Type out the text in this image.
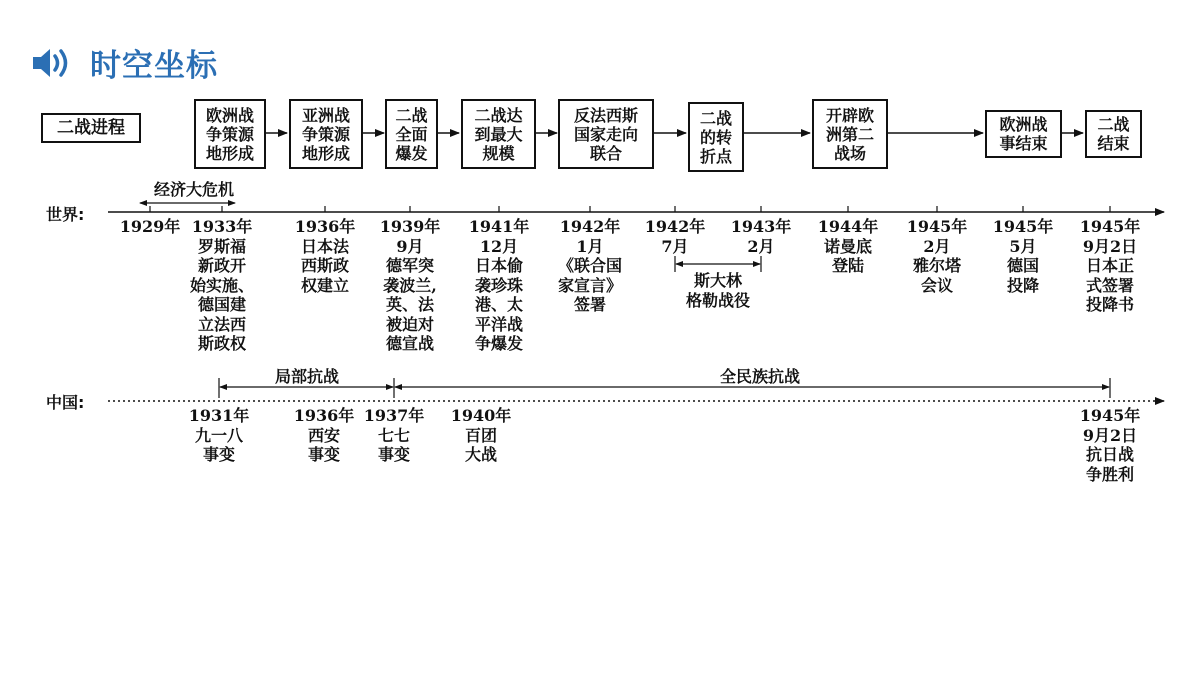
时空坐标
二战进程
欧洲战
争策源
地形成
亚洲战
争策源
地形成
二战
全面
爆发
二战达
到最大
规模
反法西斯
国家走向
联合
二战
的转
折点
开辟欧
洲第二
战场
欧洲战
事结束
二战
结束
世界:
经济大危机
1929年 1933年
罗斯福
新政开
始实施、
德国建
立法西
斯政权
1936年
日本法
西斯政
权建立
1939年
9月
德军突
袭波兰,
英、法
被迫对
德宣战
1941年
12月
日本偷
袭珍珠
港、太
平洋战
争爆发
1942年
1月
《联合国
家宣言》
签署
1942年
7月
1943年
2月
1944年
诺曼底
登陆
1945年
2月
雅尔塔
会议
1945年
5月
德国
投降
1945年
9月2日
日本正
式签署
投降书
斯大林
格勒战役
中国:
局部抗战	全民族抗战
1931年
九一八
事变
1936年
西安
事变
1937年
七七
事变
1940年
百团
大战
1945年
9月2日
抗日战
争胜利
